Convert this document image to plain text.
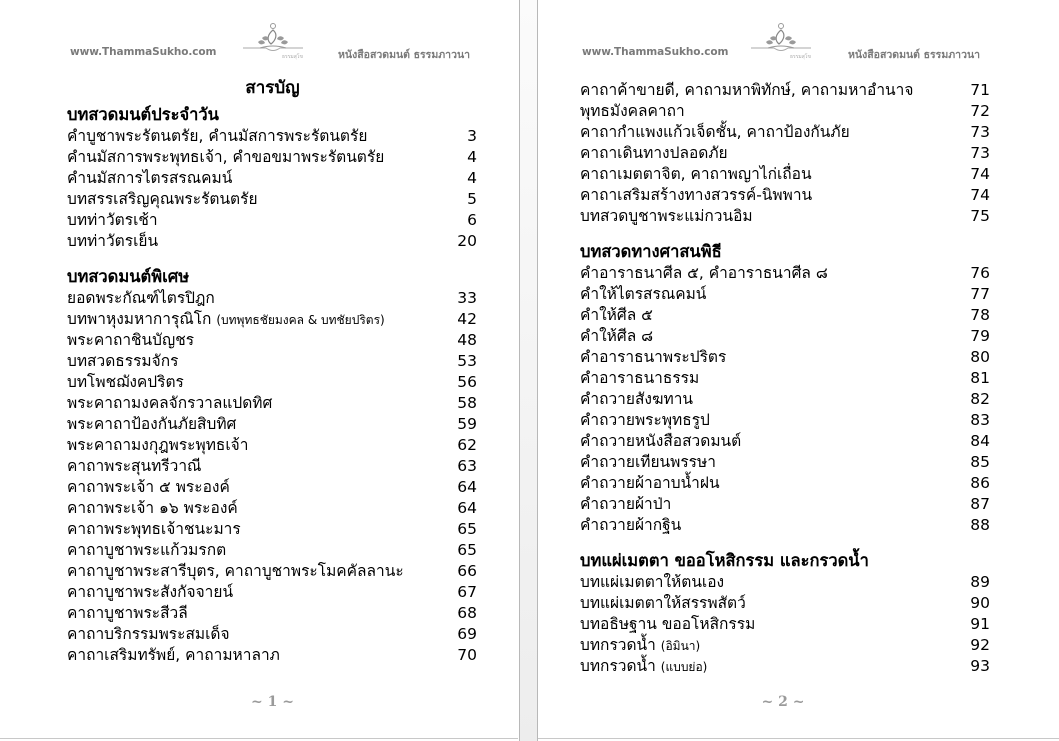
www.ThammaSukho.com	ธรรมสุโข	หนังสือสวดมนต์ ธรรมภาวนา
สารบัญ
บทสวดมนต์ประจำวัน
คำบูชาพระรัตนตรัย, คำนมัสการพระรัตนตรัย	3
คำนมัสการพระพุทธเจ้า, คำขอขมาพระรัตนตรัย	4
คำนมัสการไตรสรณคมน์	4
บทสรรเสริญคุณพระรัตนตรัย	5
บทท่าวัตรเช้า	6
บทท่าวัตรเย็น	20
บทสวดมนต์พิเศษ
ยอดพระกัณฑ์ไตรปิฎก	33
บทพาหุงมหาการุณิโก (บทพุทธชัยมงคล & บทชัยปริตร)	42
พระคาถาชินบัญชร	48
บทสวดธรรมจักร	53
บทโพชฌังคปริตร	56
พระคาถามงคลจักรวาลแปดทิศ	58
พระคาถาป้องกันภัยสิบทิศ	59
พระคาถามงกุฎพระพุทธเจ้า	62
คาถาพระสุนทรีวาณี	63
คาถาพระเจ้า ๕ พระองค์	64
คาถาพระเจ้า ๑๖ พระองค์	64
คาถาพระพุทธเจ้าชนะมาร	65
คาถาบูชาพระแก้วมรกต	65
คาถาบูชาพระสารีบุตร, คาถาบูชาพระโมคคัลลานะ	66
คาถาบูชาพระสังกัจจายน์	67
คาถาบูชาพระสีวลี	68
คาถาบริกรรมพระสมเด็จ	69
คาถาเสริมทรัพย์, คาถามหาลาภ	70
~ 1 ~
www.ThammaSukho.com	ธรรมสุโข	หนังสือสวดมนต์ ธรรมภาวนา
คาถาค้าขายดี, คาถามหาพิทักษ์, คาถามหาอำนาจ	71
พุทธมังคลคาถา	72
คาถากำแพงแก้วเจ็ดชั้น, คาถาป้องกันภัย	73
คาถาเดินทางปลอดภัย	73
คาถาเมตตาจิต, คาถาพญาไก่เถื่อน	74
คาถาเสริมสร้างทางสวรรค์-นิพพาน	74
บทสวดบูชาพระแม่กวนอิม	75
บทสวดทางศาสนพิธี
คำอาราธนาศีล ๕, คำอาราธนาศีล ๘	76
คำให้ไตรสรณคมน์	77
คำให้ศีล ๕	78
คำให้ศีล ๘	79
คำอาราธนาพระปริตร	80
คำอาราธนาธรรม	81
คำถวายสังฆทาน	82
คำถวายพระพุทธรูป	83
คำถวายหนังสือสวดมนต์	84
คำถวายเทียนพรรษา	85
คำถวายผ้าอาบน้ำฝน	86
คำถวายผ้าป่า	87
คำถวายผ้ากฐิน	88
บทแผ่เมตตา ขออโหสิกรรม และกรวดน้ำ
บทแผ่เมตตาให้ตนเอง	89
บทแผ่เมตตาให้สรรพสัตว์	90
บทอธิษฐาน ขออโหสิกรรม	91
บทกรวดน้ำ (อิมินา)	92
บทกรวดน้ำ (แบบย่อ)	93
~ 2 ~
